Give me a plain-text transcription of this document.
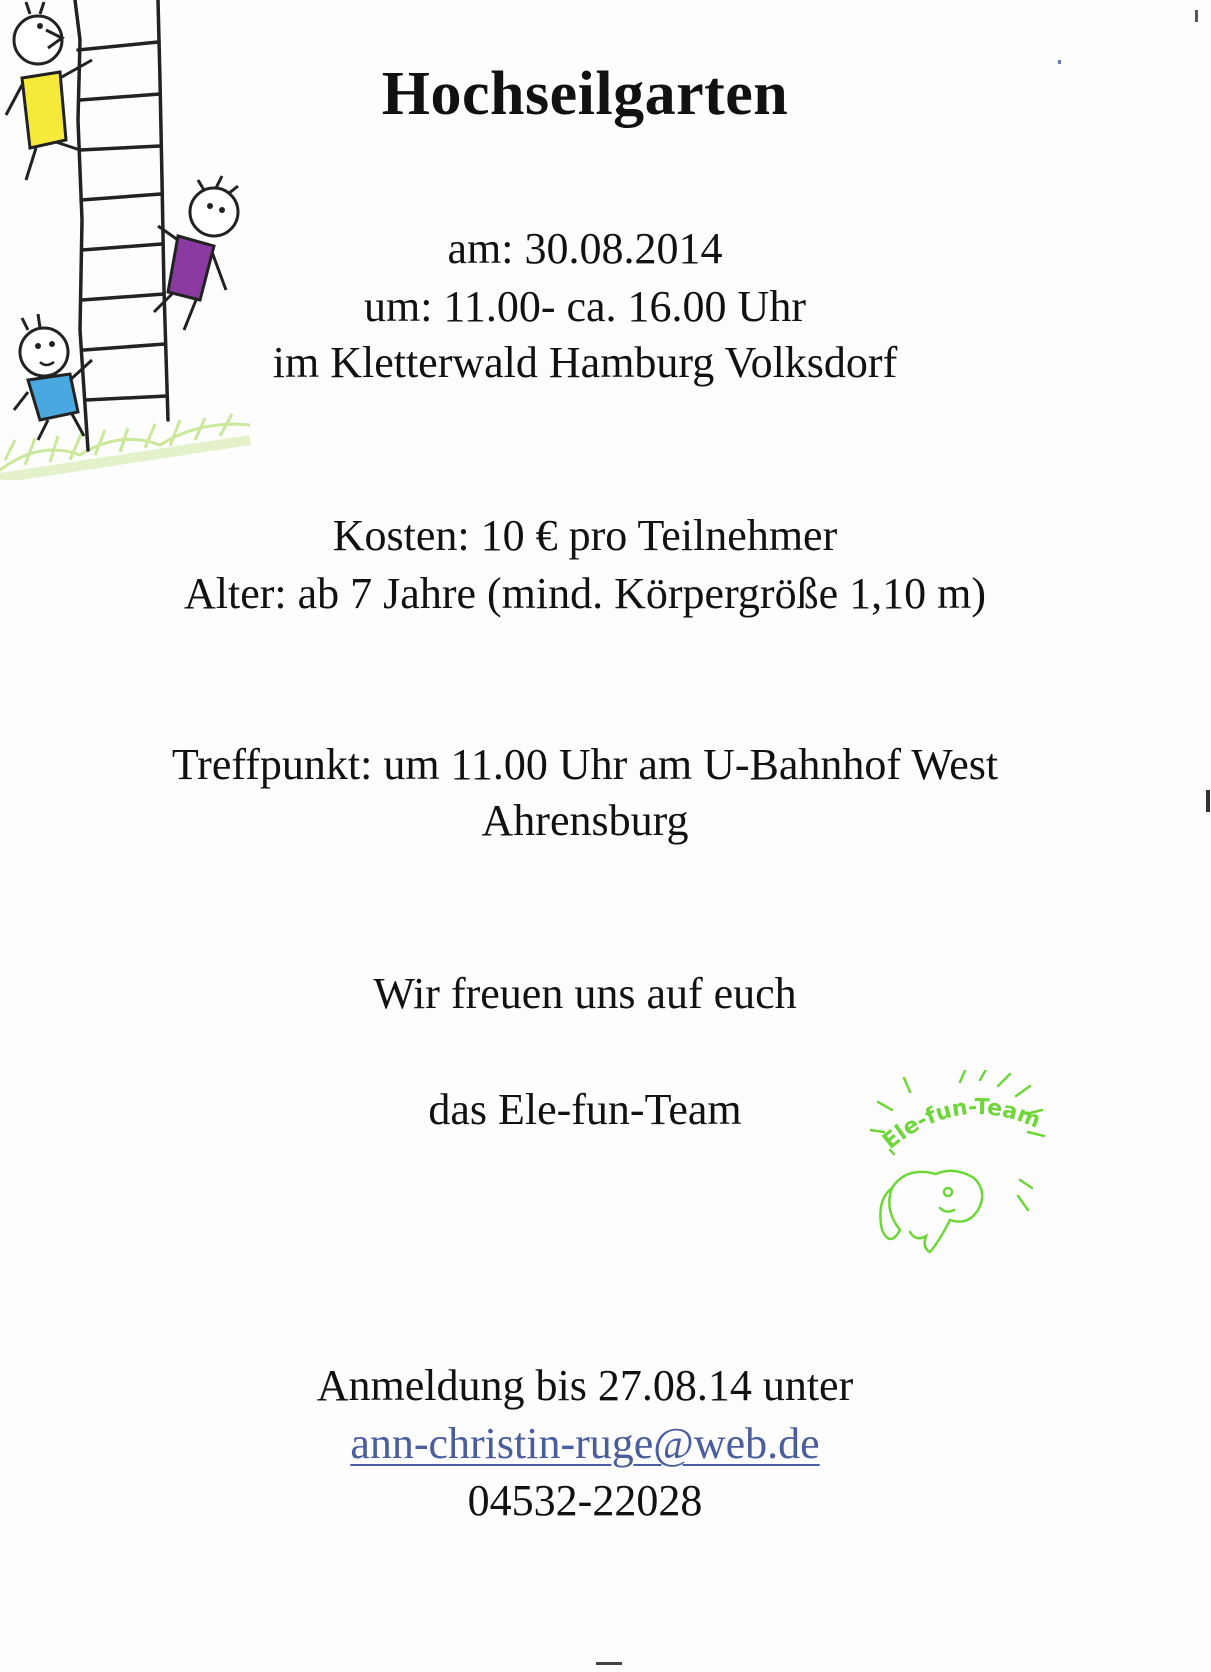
Hochseilgarten
am: 30.08.2014
um: 11.00- ca. 16.00 Uhr
im Kletterwald Hamburg Volksdorf
Kosten: 10 € pro Teilnehmer
Alter: ab 7 Jahre (mind. Körpergröße 1,10 m)
Treffpunkt: um 11.00 Uhr am U-Bahnhof West
Ahrensburg
Wir freuen uns auf euch
das Ele-fun-Team
Ele-fun-Team
Anmeldung bis 27.08.14 unter
ann-christin-ruge@web.de
04532-22028
